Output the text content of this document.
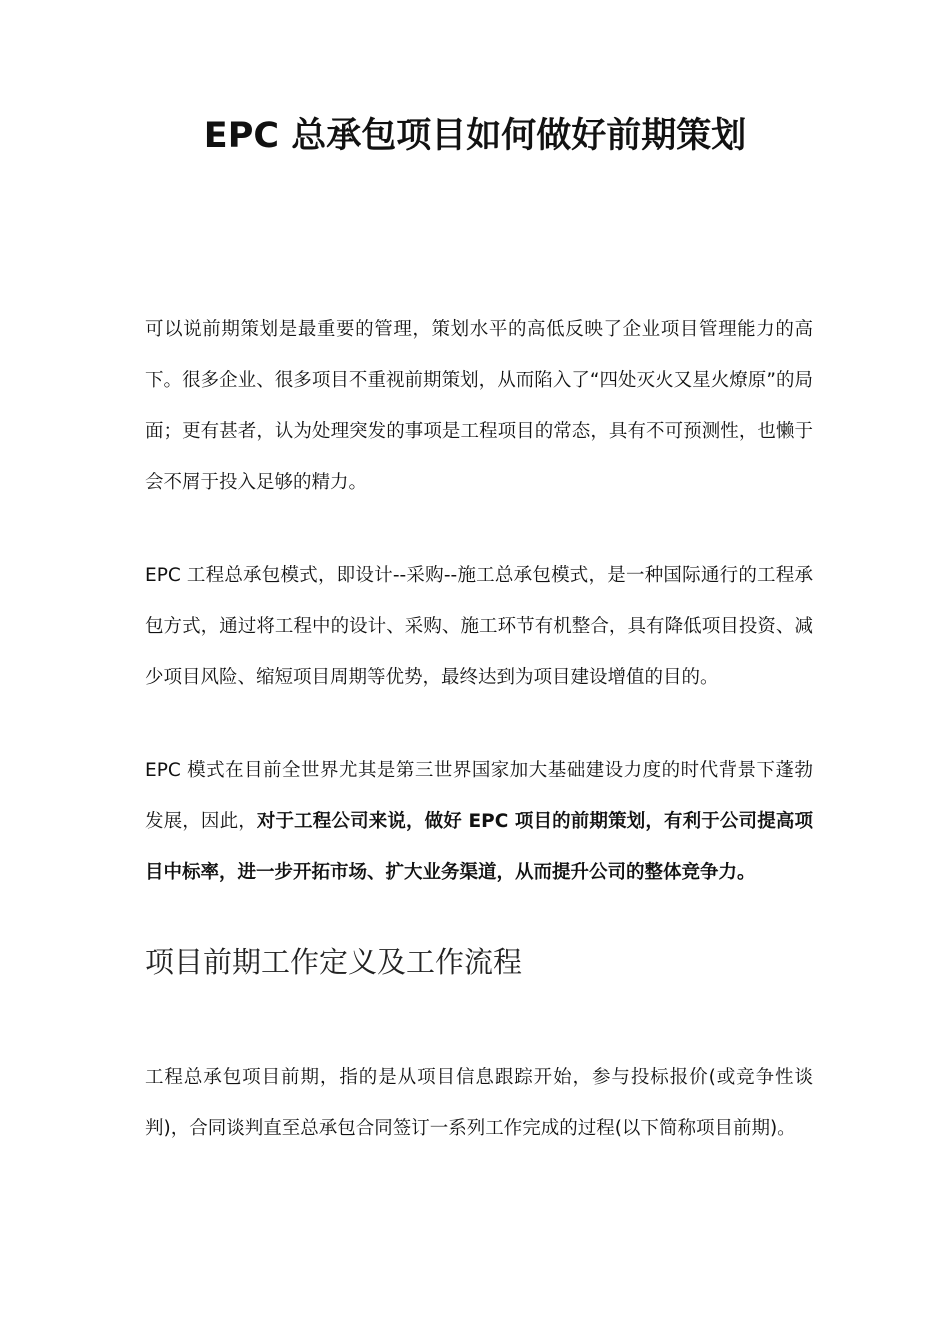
EPC 总承包项目如何做好前期策划

可以说前期策划是最重要的管理，策划水平的高低反映了企业项目管理能力的高下。很多企业、很多项目不重视前期策划，从而陷入了“四处灭火又星火燎原”的局面；更有甚者，认为处理突发的事项是工程项目的常态，具有不可预测性，也懒于会不屑于投入足够的精力。

EPC 工程总承包模式，即设计--采购--施工总承包模式，是一种国际通行的工程承包方式，通过将工程中的设计、采购、施工环节有机整合，具有降低项目投资、减少项目风险、缩短项目周期等优势，最终达到为项目建设增值的目的。

EPC 模式在目前全世界尤其是第三世界国家加大基础建设力度的时代背景下蓬勃发展，因此，对于工程公司来说，做好 EPC 项目的前期策划，有利于公司提高项目中标率，进一步开拓市场、扩大业务渠道，从而提升公司的整体竞争力。

项目前期工作定义及工作流程

工程总承包项目前期，指的是从项目信息跟踪开始，参与投标报价(或竞争性谈判)，合同谈判直至总承包合同签订一系列工作完成的过程(以下简称项目前期)。
